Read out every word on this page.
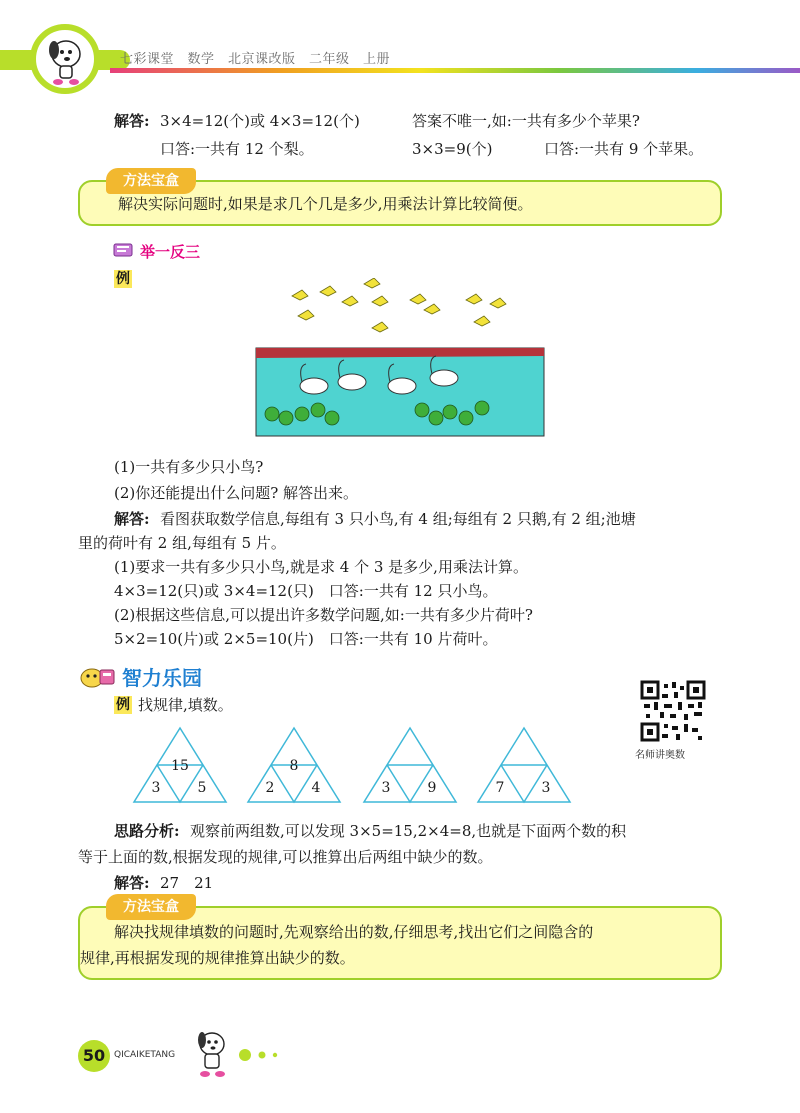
七彩课堂　数学　北京课改版　二年级　上册
解答: 3×4=12(个)或 4×3=12(个)	答案不唯一,如:一共有多少个苹果?
口答:一共有 12 个梨。	3×3=9(个)	口答:一共有 9 个苹果。
方法宝盒
解决实际问题时,如果是求几个几是多少,用乘法计算比较简便。
举一反三
例
(1)一共有多少只小鸟?
(2)你还能提出什么问题? 解答出来。
解答: 看图获取数学信息,每组有 3 只小鸟,有 4 组;每组有 2 只鹅,有 2 组;池塘
里的荷叶有 2 组,每组有 5 片。
(1)要求一共有多少只小鸟,就是求 4 个 3 是多少,用乘法计算。
4×3=12(只)或 3×4=12(只)　口答:一共有 12 只小鸟。
(2)根据这些信息,可以提出许多数学问题,如:一共有多少片荷叶?
5×2=10(片)或 2×5=10(片)　口答:一共有 10 片荷叶。
智力乐园
例 找规律,填数。
名师讲奥数
15
3	5
8
2	4	3	9	7	3
思路分析: 观察前两组数,可以发现 3×5=15,2×4=8,也就是下面两个数的积
等于上面的数,根据发现的规律,可以推算出后两组中缺少的数。
解答: 27　21
方法宝盒
解决找规律填数的问题时,先观察给出的数,仔细思考,找出它们之间隐含的
规律,再根据发现的规律推算出缺少的数。
50 QICAIKETANG
